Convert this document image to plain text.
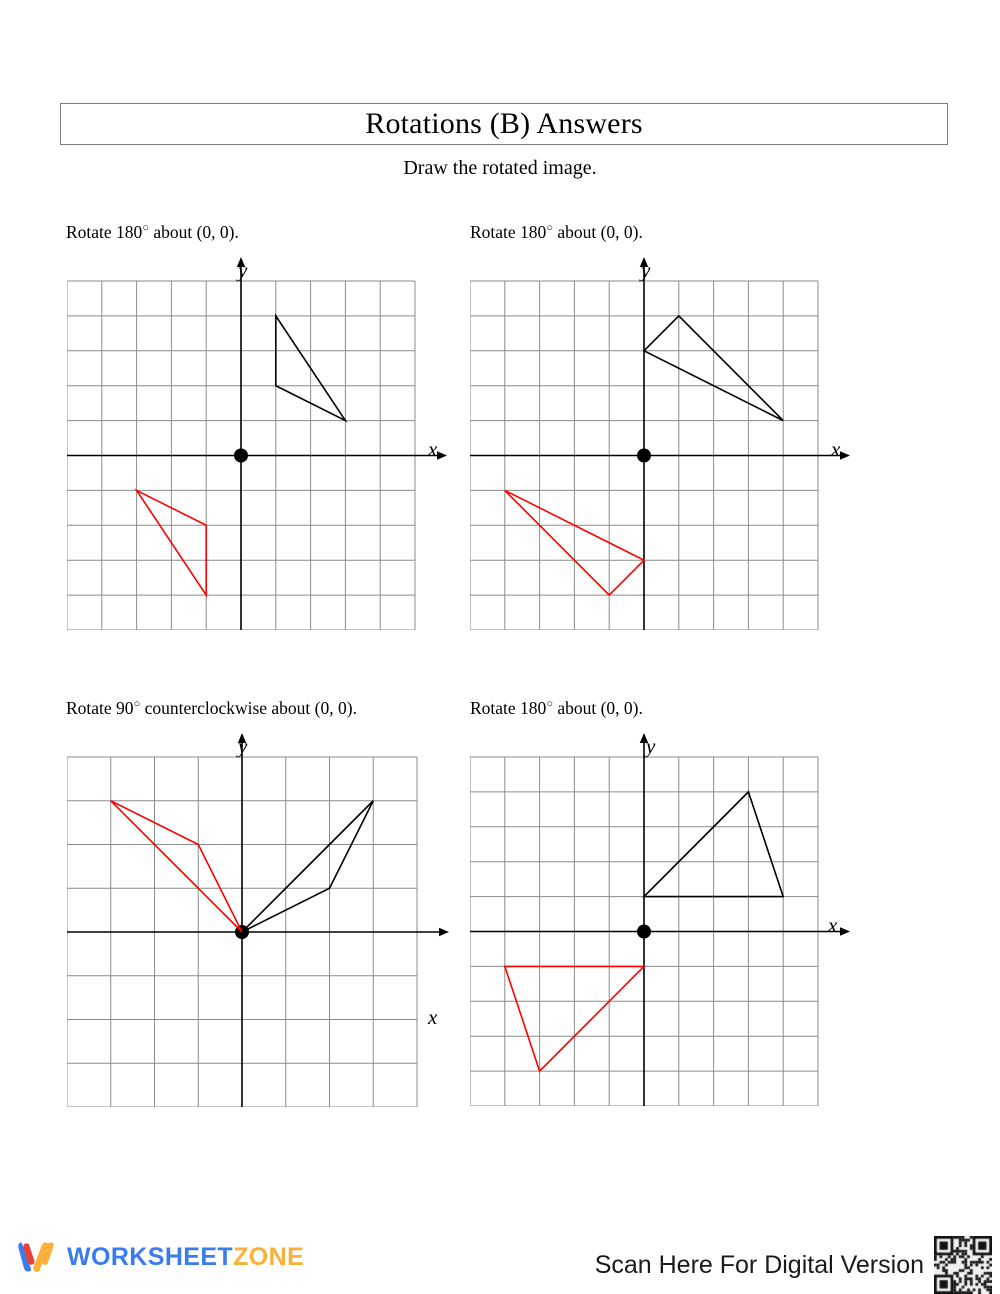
Rotations (B) Answers
Draw the rotated image.
Rotate 180○ about (0, 0).	Rotate 180○ about (0, 0).
Rotate 90○ counterclockwise about (0, 0).	Rotate 180○ about (0, 0).
y
x
y
x
y
x
y
x
WORKSHEETZONE	Scan Here For Digital Version
